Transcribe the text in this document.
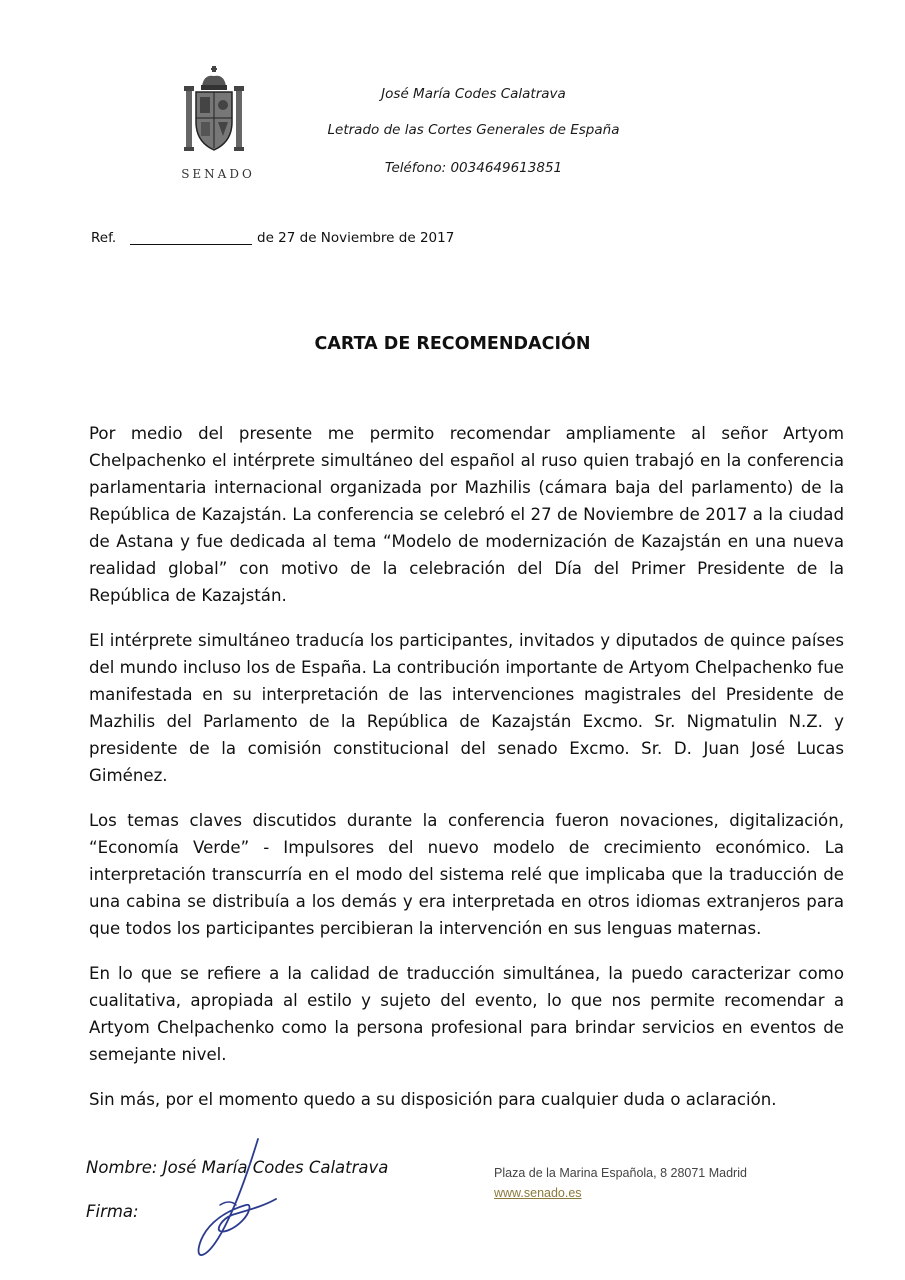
SENADO
José María Codes Calatrava
Letrado de las Cortes Generales de España
Teléfono: 0034649613851
Ref.	de 27 de Noviembre de 2017
CARTA DE RECOMENDACIÓN

Por medio del presente me permito recomendar ampliamente al señor Artyom Chelpachenko el intérprete simultáneo del español al ruso quien trabajó en la conferencia parlamentaria internacional organizada por Mazhilis (cámara baja del parlamento) de la República de Kazajstán. La conferencia se celebró el 27 de Noviembre de 2017 a la ciudad de Astana y fue dedicada al tema “Modelo de modernización de Kazajstán en una nueva realidad global” con motivo de la celebración del Día del Primer Presidente de la República de Kazajstán.

El intérprete simultáneo traducía los participantes, invitados y diputados de quince países del mundo incluso los de España. La contribución importante de Artyom Chelpachenko fue manifestada en su interpretación de las intervenciones magistrales del Presidente de Mazhilis del Parlamento de la República de Kazajstán Excmo. Sr. Nigmatulin N.Z. y presidente de la comisión constitucional del senado Excmo. Sr. D. Juan José Lucas Giménez.

Los temas claves discutidos durante la conferencia fueron novaciones, digitalización, “Economía Verde” - Impulsores del nuevo modelo de crecimiento económico. La interpretación transcurría en el modo del sistema relé que implicaba que la traducción de una cabina se distribuía a los demás y era interpretada en otros idiomas extranjeros para que todos los participantes percibieran la intervención en sus lenguas maternas.

En lo que se refiere a la calidad de traducción simultánea, la puedo caracterizar como cualitativa, apropiada al estilo y sujeto del evento, lo que nos permite recomendar a Artyom Chelpachenko como la persona profesional para brindar servicios en eventos de semejante nivel.

Sin más, por el momento quedo a su disposición para cualquier duda o aclaración.

Nombre: José María Codes Calatrava
Firma:
Plaza de la Marina Española, 8 28071 Madrid
www.senado.es
